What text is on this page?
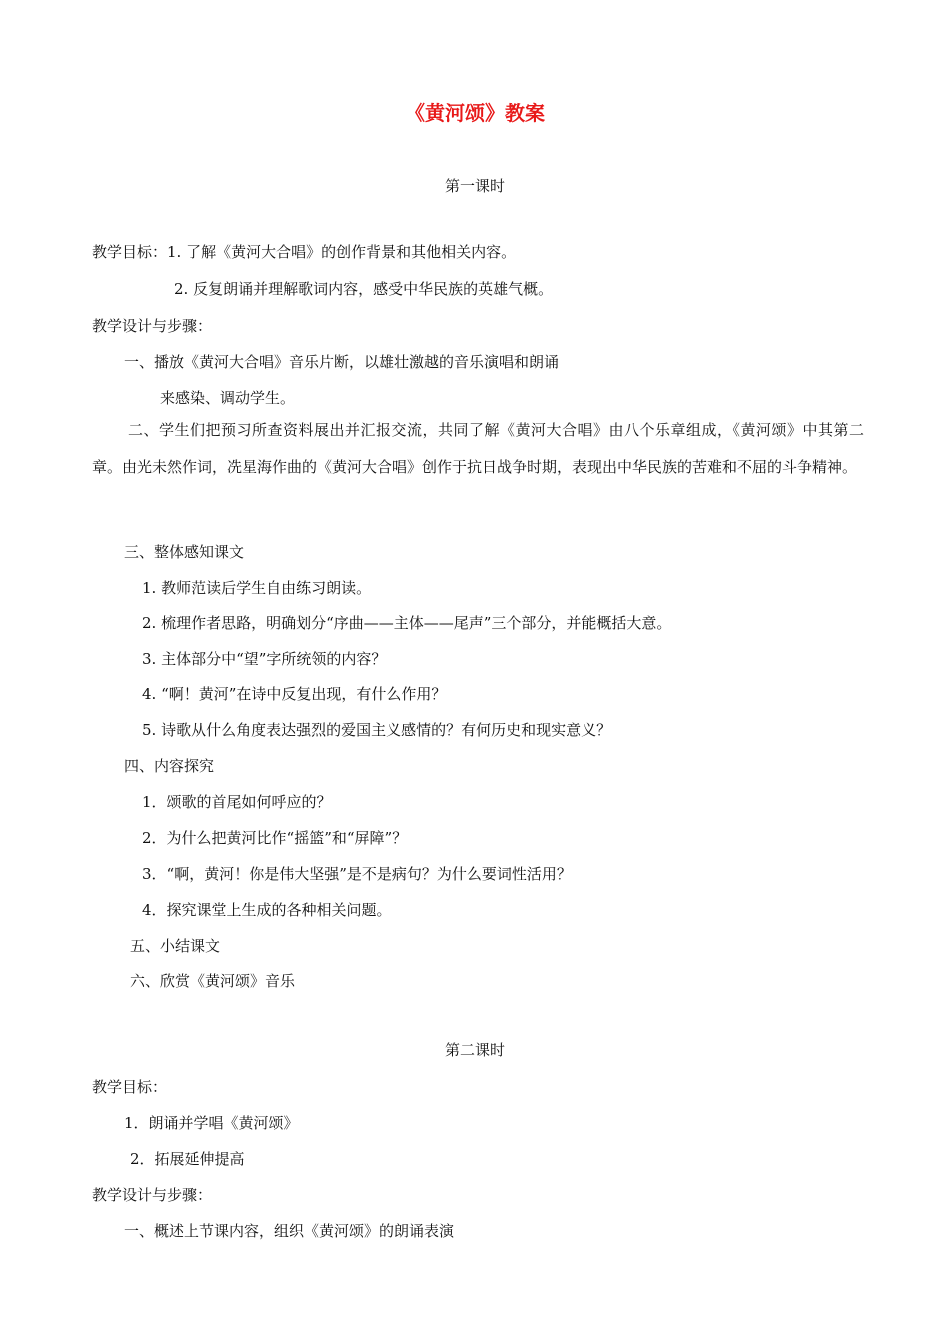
《黄河颂》教案
第一课时
教学目标：1. 了解《黄河大合唱》的创作背景和其他相关内容。
2. 反复朗诵并理解歌词内容，感受中华民族的英雄气概。
教学设计与步骤：
一、播放《黄河大合唱》音乐片断，以雄壮激越的音乐演唱和朗诵
来感染、调动学生。
二、学生们把预习所查资料展出并汇报交流，共同了解《黄河大合唱》由八个乐章组成，《黄河颂》中其第二章。由光未然作词，冼星海作曲的《黄河大合唱》创作于抗日战争时期，表现出中华民族的苦难和不屈的斗争精神。
三、整体感知课文
1. 教师范读后学生自由练习朗读。
2. 梳理作者思路，明确划分“序曲——主体——尾声”三个部分，并能概括大意。
3. 主体部分中“望”字所统领的内容？
4. “啊！黄河”在诗中反复出现，有什么作用？
5. 诗歌从什么角度表达强烈的爱国主义感情的？有何历史和现实意义？
四、内容探究
1．颂歌的首尾如何呼应的？
2．为什么把黄河比作“摇篮”和“屏障”？
3．“啊，黄河！你是伟大坚强”是不是病句？为什么要词性活用？
4．探究课堂上生成的各种相关问题。
五、小结课文
六、欣赏《黄河颂》音乐
第二课时
教学目标：
1．朗诵并学唱《黄河颂》
2．拓展延伸提高
教学设计与步骤：
一、概述上节课内容，组织《黄河颂》的朗诵表演
